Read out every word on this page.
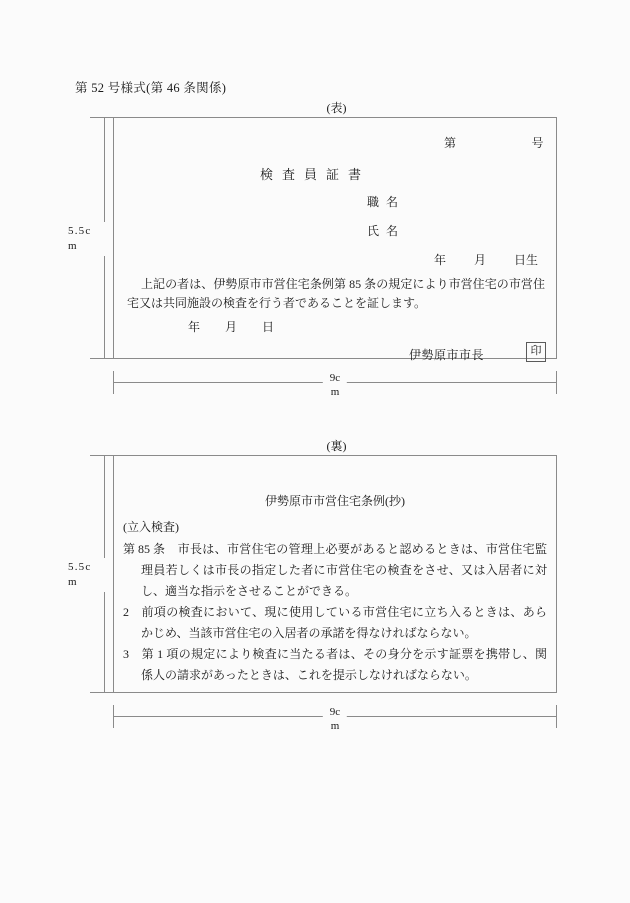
第 52 号様式(第 46 条関係)
(表)
5.5c
m
第	号
検査員証書
職名
氏名
年 月 日生
上記の者は、伊勢原市市営住宅条例第 85 条の規定により市営住宅の市営住宅又は共同施設の検査を行う者であることを証します。
年 月 日
伊勢原市市長	印
9c
m
(裏)
5.5c
m
伊勢原市市営住宅条例(抄)
(立入検査)

第 85 条　市長は、市営住宅の管理上必要があると認めるときは、市営住宅監理員若しくは市長の指定した者に市営住宅の検査をさせ、又は入居者に対し、適当な指示をさせることができる。

2　前項の検査において、現に使用している市営住宅に立ち入るときは、あらかじめ、当該市営住宅の入居者の承諾を得なければならない。

3　第 1 項の規定により検査に当たる者は、その身分を示す証票を携帯し、関係人の請求があったときは、これを提示しなければならない。

9c
m
